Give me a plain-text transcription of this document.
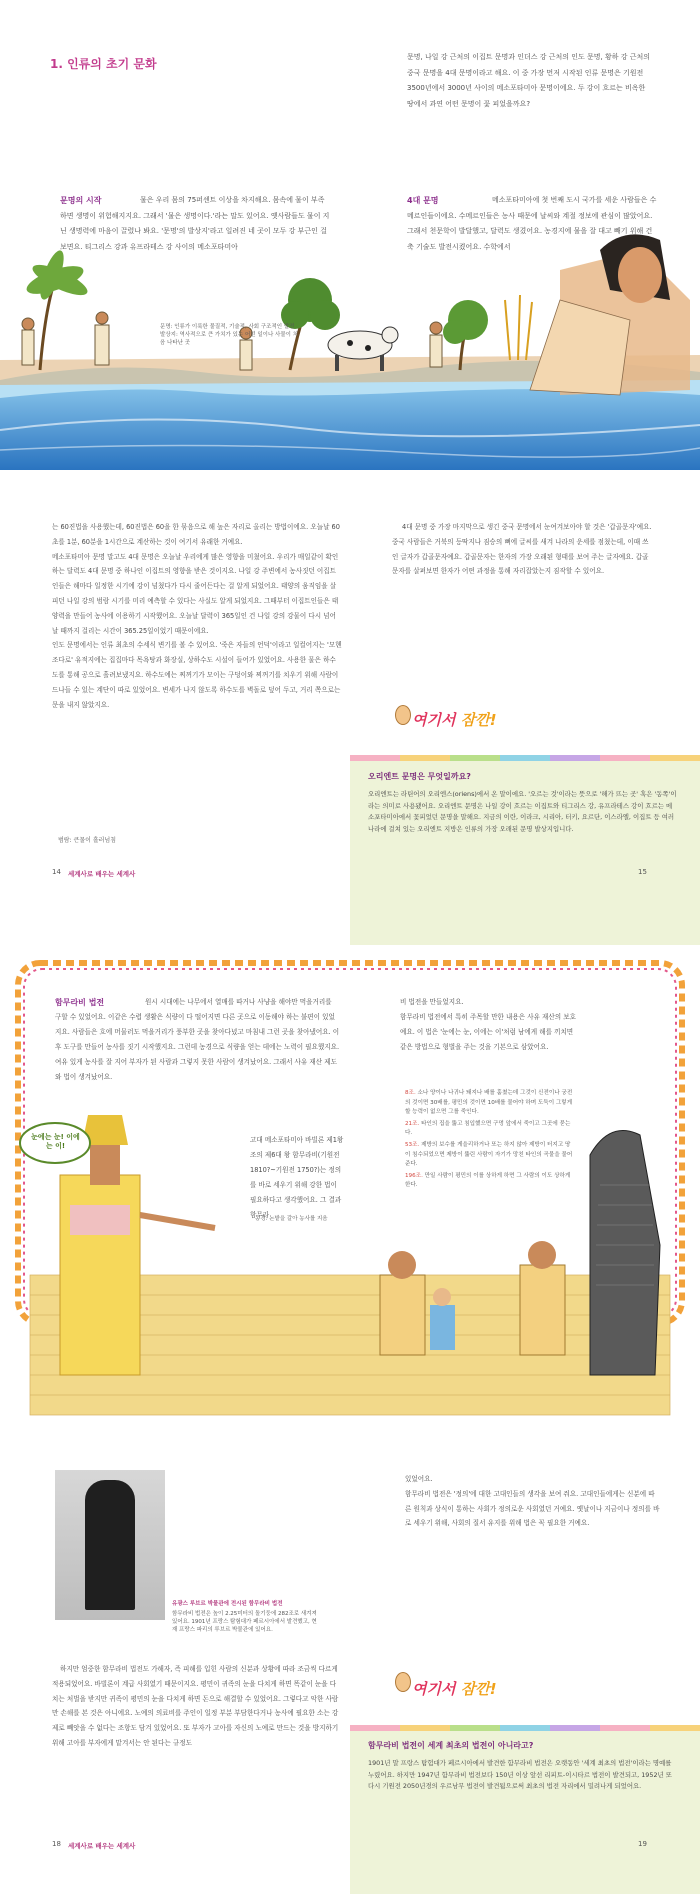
1. 인류의 초기 문화	문명, 나일 강 근처의 이집트 문명과 인더스 강 근처의 인도 문명, 황하 강 근처의 중국 문명을 4대 문명이라고 해요. 이 중 가장 먼저 시작된 인류 문명은 기원전 3500년에서 3000년 사이의 메소포타미아 문명이에요. 두 강이 흐르는 비옥한 땅에서 과연 어떤 문명이 꽃 피었을까요?
문명의 시작	물은 우리 몸의 75퍼센트 이상을 차지해요. 몸속에 물이 부족하면 생명이 위험해지지요. 그래서 '물은 생명이다.'라는 말도 있어요. 옛사람들도 물이 지닌 생명력에 마음이 끌렸나 봐요. '문명'의 발상지'라고 일려진 네 곳이 모두 강 부근인 걸 보면요. 티그리스 강과 유프라테스 강 사이의 메소포타미아
4대 문명	메소포타미아에 첫 번째 도시 국가를 세운 사람들은 수메르인들이에요. 수메르인들은 농사 때문에 날씨와 계절 정보에 관심이 많았어요. 그래서 천문학이 발달했고, 달력도 생겼어요. 농경지에 물을 잘 대고 빼기 위해 건축 기술도 발전시켰어요. 수학에서
문명: 인류가 이룩한 물질적, 기술적, 사회 구조적인 발전
발상지: 역사적으로 큰 가치가 있는 어떤 일이나 사물이 처음 나타난 곳
는 60진법을 사용했는데, 60진법은 60을 한 묶음으로 해 높은 자리로 올리는 방법이에요. 오늘날 60초를 1분, 60분을 1시간으로 계산하는 것이 여기서 유래한 거예요.
메소포타미아 문명 말고도 4대 문명은 오늘날 우리에게 많은 영향을 미쳤어요. 우리가 매일같이 확인하는 달력도 4대 문명 중 하나인 이집트의 영향을 받은 것이지요. 나일 강 주변에서 농사짓던 이집트인들은 해마다 일정한 시기에 강이 넘쳤다가 다시 줄어든다는 걸 알게 되었어요. 태양의 움직임을 살피던 나일 강의 범람 시기를 미리 예측할 수 있다는 사실도 알게 되었지요. 그때부터 이집트인들은 태양력을 만들어 농사에 이용하기 시작했어요. 오늘날 달력이 365일인 건 나일 강의 강물이 다시 넘어날 때까지 걸리는 시간이 365.25일이었기 때문이에요.
인도 문명에서는 인류 최초의 수세식 변기를 볼 수 있어요. '죽은 자들의 언덕'이라고 일컬어지는 '모헨조다로' 유적지에는 집집마다 목욕탕과 화장실, 상하수도 시설이 들어가 있었어요. 사용한 물은 하수도를 통해 공으로 흘려보냈지요. 하수도에는 찌꺼기가 모이는 구덩이와 찌꺼기를 치우기 위해 사람이 드나들 수 있는 계단이 따로 있었어요. 변세가 나지 않도록 하수도를 벽돌로 덮어 두고, 거리 쪽으로는 문을 내지 않았지요.
범람: 큰물이 흘러넘침
14 세계사로 배우는 세계사
4대 문명 중 가장 마지막으로 생긴 중국 문명에서 눈여겨보아야 할 것은 '갑골문자'예요. 중국 사람들은 거북의 등딱지나 짐승의 뼈에 글씨를 새겨 나라의 운세를 점쳤는데, 이때 쓰인 글자가 갑골문자예요. 갑골문자는 한자의 가장 오래된 형태를 보여 주는 글자예요. 갑골문자를 살펴보면 한자가 어떤 과정을 통해 자리잡았는지 짐작할 수 있어요.
여기서 잠깐!
오리엔트 문명은 무엇일까요?
오리엔트는 라틴어의 오리엔스(oriens)에서 온 말이에요. '오르는 것'이라는 뜻으로 '해가 뜨는 곳' 혹은 '동쪽'이라는 의미로 사용됐어요. 오리엔트 문명은 나일 강이 흐르는 이집트와 티그리스 강, 유프라테스 강이 흐르는 메소포타미아에서 꽃피었던 문명을 말해요. 지금의 이란, 이라크, 시리아, 터키, 요르단, 이스라엘, 이집트 등 여러 나라에 걸쳐 있는 오리엔트 지방은 인류의 가장 오래된 문명 발상지입니다.
15
함무라비 법전	원시 시대에는 나무에서 열매를 따거나 사냥을 해야만 먹을거리를 구할 수 있었어요. 이같은 수렵 생활은 식량이 다 떨어지면 다른 곳으로 이동해야 하는 불편이 있었지요. 사람들은 흐에 머물러도 먹을거리가 풍부한 곳을 찾아다녔고 마침내 그런 곳을 찾아냈어요. 이후 도구를 만들어 농사를 짓기 시작했지요. 그런데 농경으로 식량을 얻는 데에는 노력이 필요했지요. 여유 있게 농사를 잘 지어 부자가 된 사람과 그렇지 못한 사람이 생겨났어요. 그래서 사유 재산 제도와 법이 생겨났어요.
고대 메소포타미아 바빌론 제1왕조의 제6대 왕 함무라비(기원전 1810?~기원전 1750?)는 정의를 바로 세우기 위해 강한 법이 필요하다고 생각했어요. 그 결과 함무라
눈에는 눈! 이에는 이!
농경: 논밭을 갈아 농사를 지음
비 법전을 만들었지요.
함무라비 법전에서 특히 주목할 만한 내용은 사유 재산의 보호예요. 이 법은 '눈에는 눈, 이에는 이'처럼 남에게 해를 끼치면 같은 방법으로 형벌을 주는 것을 기본으로 삼았어요.
8조. 소나 양이나 나귀나 돼지나 배를 훔쳤는데 그것이 신전이나 궁전의 것이면 30배를, 평민의 것이면 10배를 물어야 하며 도둑이 그렇게 할 능력이 없으면 그를 죽인다.
21조. 타인의 집을 뚫고 침입했으면 구멍 앞에서 죽이고 그곳에 묻는다.
53조. 제방의 보수를 게을리하거나 또는 하지 않아 제방이 터지고 땅이 침수되었으면 제방이 뚫린 사람이 자기가 망친 타인의 곡물을 물어 준다.
196조. 만일 사람이 평민의 이를 상하게 하면 그 사람의 이도 상하게 한다.
유광스 루브르 박물관에 전시된 함무라비 법전
함무라비 법전은 높이 2.25미터의 돌기둥에 282조로 새겨져 있어요. 1901년 프랑스 탐험대가 페르시아에서 발견했고, 현재 프랑스 파리의 루브르 박물관에 있어요.
하지만 엄중한 함무라비 법전도 가해자, 즉 피해를 입힌 사람의 신분과 상황에 따라 조금씩 다르게 적용되었어요. 바빌론이 계급 사회였기 때문이지요. 평민이 귀족의 눈을 다치게 하면 똑같이 눈을 다치는 처벌을 받지만 귀족이 평민의 눈을 다치게 하면 돈으로 해결할 수 있었어요. 그렇다고 악한 사람만 손해를 본 것은 아니에요. 노예의 의료비를 주인이 일정 부분 부담한다거나 농사에 필요한 소는 강제로 빼앗을 수 없다는 조항도 담겨 있었어요. 또 부자가 고아를 자신의 노예로 만드는 것을 방지하기 위해 고아를 부자에게 맡겨서는 안 된다는 규정도
18 세계사로 배우는 세계사
있었어요.
함무라비 법전은 '정의'에 대한 고대인들의 생각을 보여 줘요. 고대인들에게는 신분에 따른 원칙과 상식이 통하는 사회가 정의로운 사회였던 거예요. 옛날이나 지금이나 정의를 바로 세우기 위해, 사회의 질서 유지를 위해 법은 꼭 필요한 거예요.
여기서 잠깐!
함무라비 법전이 세계 최초의 법전이 아니라고?
1901년 말 프랑스 탐험대가 페르시아에서 발견한 함무라비 법전은 오랫동안 '세계 최초의 법전'이라는 명예를 누렸어요. 하지만 1947년 함무라비 법전보다 150년 이상 앞선 리피트-이시타르 법전이 발견되고, 1952년 또다시 기원전 2050년경의 우르남무 법전이 발견됨으로써 최초의 법전 자리에서 밀려나게 되었어요.
19
